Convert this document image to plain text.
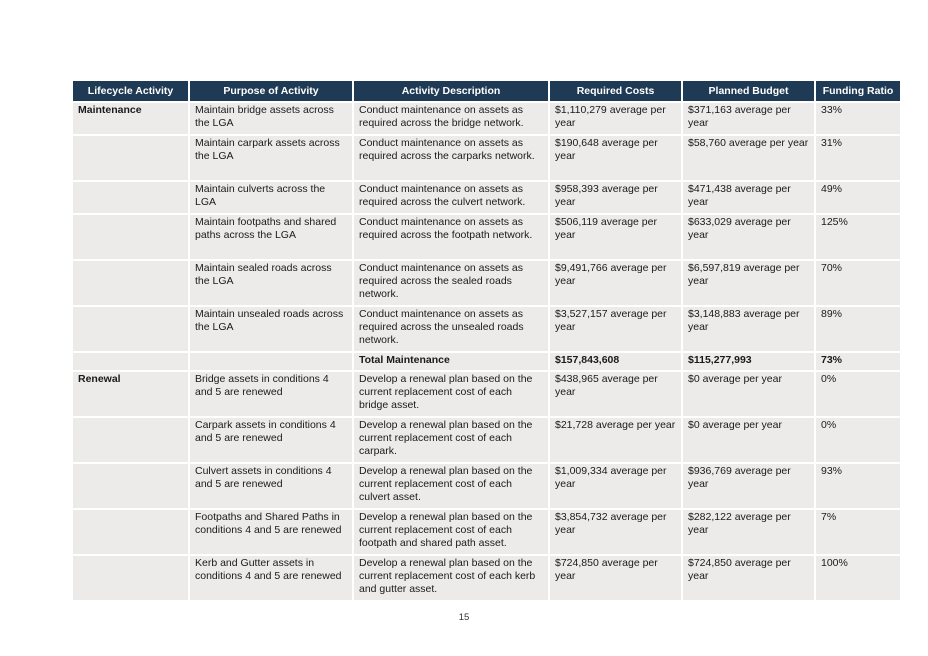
Lifecycle Activity	Purpose of Activity	Activity Description	Required Costs	Planned Budget	Funding Ratio
Maintenance	Maintain bridge assets across the LGA	Conduct maintenance on assets as required across the bridge network.	$1,110,279 average per year	$371,163 average per year	33%
	Maintain carpark assets across the LGA	Conduct maintenance on assets as required across the carparks network.	$190,648 average per year	$58,760 average per year	31%
	Maintain culverts across the LGA	Conduct maintenance on assets as required across the culvert network.	$958,393 average per year	$471,438 average per year	49%
	Maintain footpaths and shared paths across the LGA	Conduct maintenance on assets as required across the footpath network.	$506,119 average per year	$633,029 average per year	125%
	Maintain sealed roads across the LGA	Conduct maintenance on assets as required across the sealed roads network.	$9,491,766 average per year	$6,597,819 average per year	70%
	Maintain unsealed roads across the LGA	Conduct maintenance on assets as required across the unsealed roads network.	$3,527,157 average per year	$3,148,883 average per year	89%
		Total Maintenance	$157,843,608	$115,277,993	73%
Renewal	Bridge assets in conditions 4 and 5 are renewed	Develop a renewal plan based on the current replacement cost of each bridge asset.	$438,965 average per year	$0 average per year	0%
	Carpark assets in conditions 4 and 5 are renewed	Develop a renewal plan based on the current replacement cost of each carpark.	$21,728 average per year	$0 average per year	0%
	Culvert assets in conditions 4 and 5 are renewed	Develop a renewal plan based on the current replacement cost of each culvert asset.	$1,009,334 average per year	$936,769 average per year	93%
	Footpaths and Shared Paths in conditions 4 and 5 are renewed	Develop a renewal plan based on the current replacement cost of each footpath and shared path asset.	$3,854,732 average per year	$282,122 average per year	7%
	Kerb and Gutter assets in conditions 4 and 5 are renewed	Develop a renewal plan based on the current replacement cost of each kerb and gutter asset.	$724,850 average per year	$724,850 average per year	100%
15
